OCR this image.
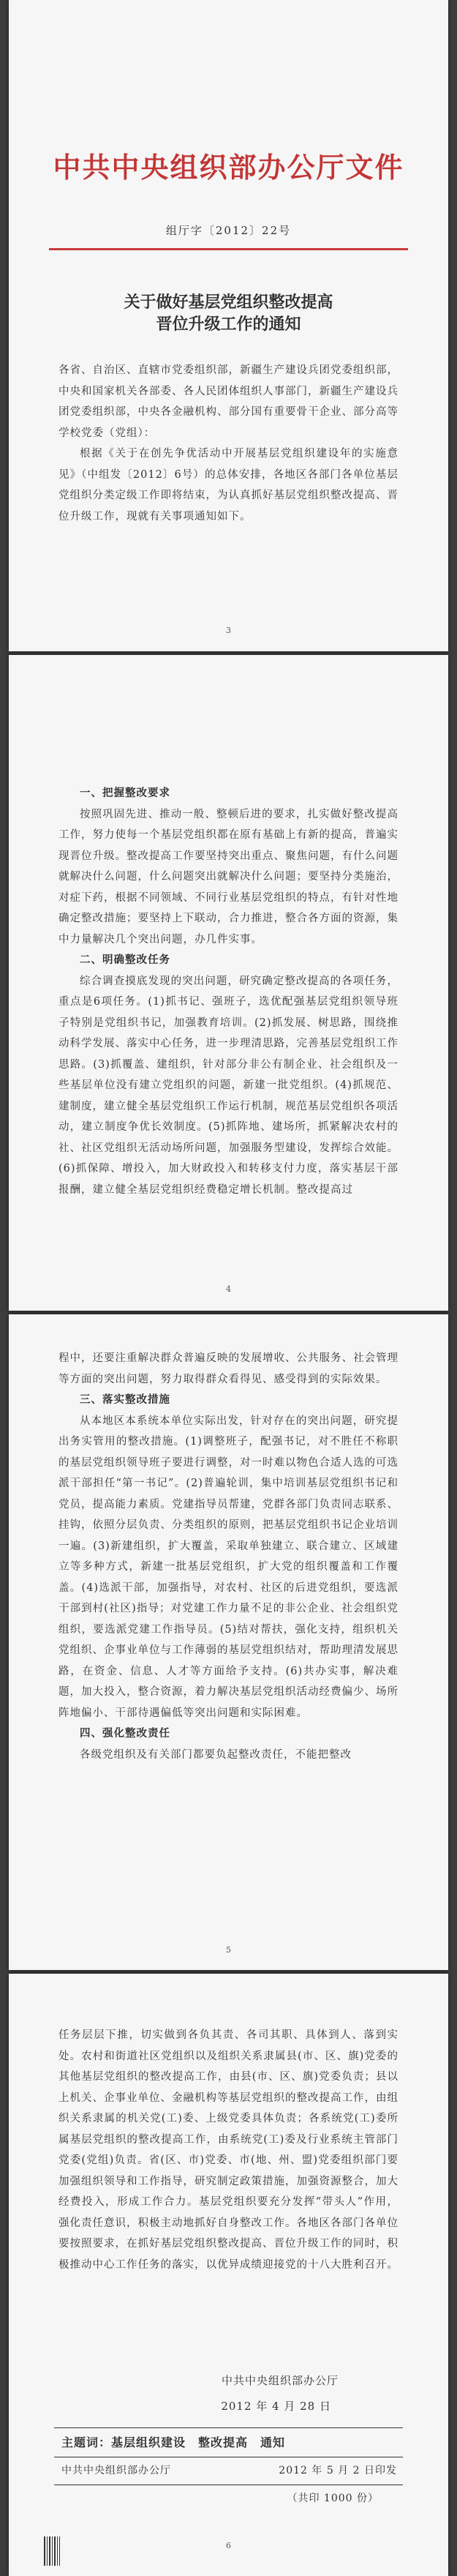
中共中央组织部办公厅文件
组厅字〔2012〕22号
关于做好基层党组织整改提高
晋位升级工作的通知

各省、自治区、直辖市党委组织部，新疆生产建设兵团党委组织部，中央和国家机关各部委、各人民团体组织人事部门，新疆生产建设兵团党委组织部，中央各金融机构、部分国有重要骨干企业、部分高等学校党委（党组）：

根据《关于在创先争优活动中开展基层党组织建设年的实施意见》（中组发〔2012〕6号）的总体安排，各地区各部门各单位基层党组织分类定级工作即将结束，为认真抓好基层党组织整改提高、晋位升级工作，现就有关事项通知如下。

3

一、把握整改要求

按照巩固先进、推动一般、整顿后进的要求，扎实做好整改提高工作，努力使每一个基层党组织都在原有基础上有新的提高，普遍实现晋位升级。整改提高工作要坚持突出重点、聚焦问题，有什么问题就解决什么问题，什么问题突出就解决什么问题；要坚持分类施治，对症下药，根据不同领域、不同行业基层党组织的特点，有针对性地确定整改措施；要坚持上下联动，合力推进，整合各方面的资源，集中力量解决几个突出问题，办几件实事。

二、明确整改任务

综合调查摸底发现的突出问题，研究确定整改提高的各项任务，重点是6项任务。(1)抓书记、强班子，选优配强基层党组织领导班子特别是党组织书记，加强教育培训。(2)抓发展、树思路，围绕推动科学发展、落实中心任务，进一步理清思路，完善基层党组织工作思路。(3)抓覆盖、建组织，针对部分非公有制企业、社会组织及一些基层单位没有建立党组织的问题，新建一批党组织。(4)抓规范、建制度，建立健全基层党组织工作运行机制，规范基层党组织各项活动，建立制度争优长效制度。(5)抓阵地、建场所，抓紧解决农村的社、社区党组织无活动场所问题，加强服务型建设，发挥综合效能。(6)抓保障、增投入，加大财政投入和转移支付力度，落实基层干部报酬，建立健全基层党组织经费稳定增长机制。整改提高过

4

程中，还要注重解决群众普遍反映的发展增收、公共服务、社会管理等方面的突出问题，努力取得群众看得见、感受得到的实际效果。

三、落实整改措施

从本地区本系统本单位实际出发，针对存在的突出问题，研究提出务实管用的整改措施。(1)调整班子，配强书记，对不胜任不称职的基层党组织领导班子要进行调整，对一时难以物色合适人选的可选派干部担任“第一书记”。(2)普遍轮训，集中培训基层党组织书记和党员，提高能力素质。党建指导员帮建，党群各部门负责同志联系、挂钩，依照分层负责、分类组织的原则，把基层党组织书记企业培训一遍。(3)新建组织，扩大覆盖，采取单独建立、联合建立、区域建立等多种方式，新建一批基层党组织，扩大党的组织覆盖和工作覆盖。(4)选派干部，加强指导，对农村、社区的后进党组织，要选派干部到村(社区)指导；对党建工作力量不足的非公企业、社会组织党组织，要选派党建工作指导员。(5)结对帮扶，强化支持，组织机关党组织、企事业单位与工作薄弱的基层党组织结对，帮助理清发展思路，在资金、信息、人才等方面给予支持。(6)共办实事，解决难题，加大投入，整合资源，着力解决基层党组织活动经费偏少、场所阵地偏小、干部待遇偏低等突出问题和实际困难。

四、强化整改责任

各级党组织及有关部门都要负起整改责任，不能把整改

5

任务层层下推，切实做到各负其责、各司其职、具体到人、落到实处。农村和街道社区党组织以及组织关系隶属县(市、区、旗)党委的其他基层党组织的整改提高工作，由县(市、区、旗)党委负责；县以上机关、企事业单位、金融机构等基层党组织的整改提高工作，由组织关系隶属的机关党(工)委、上级党委具体负责；各系统党(工)委所属基层党组织的整改提高工作，由系统党(工)委及行业系统主管部门党委(党组)负责。省(区、市)党委、市(地、州、盟)党委组织部门要加强组织领导和工作指导，研究制定政策措施，加强资源整合，加大经费投入，形成工作合力。基层党组织要充分发挥“带头人”作用，强化责任意识，积极主动地抓好自身整改工作。各地区各部门各单位要按照要求，在抓好基层党组织整改提高、晋位升级工作的同时，积极推动中心工作任务的落实，以优异成绩迎接党的十八大胜利召开。

中共中央组织部办公厅
2012 年 4 月 28 日
主题词：基层组织建设　整改提高　通知
中共中央组织部办公厅	2012 年 5 月 2 日印发
（共印 1000 份）
6
